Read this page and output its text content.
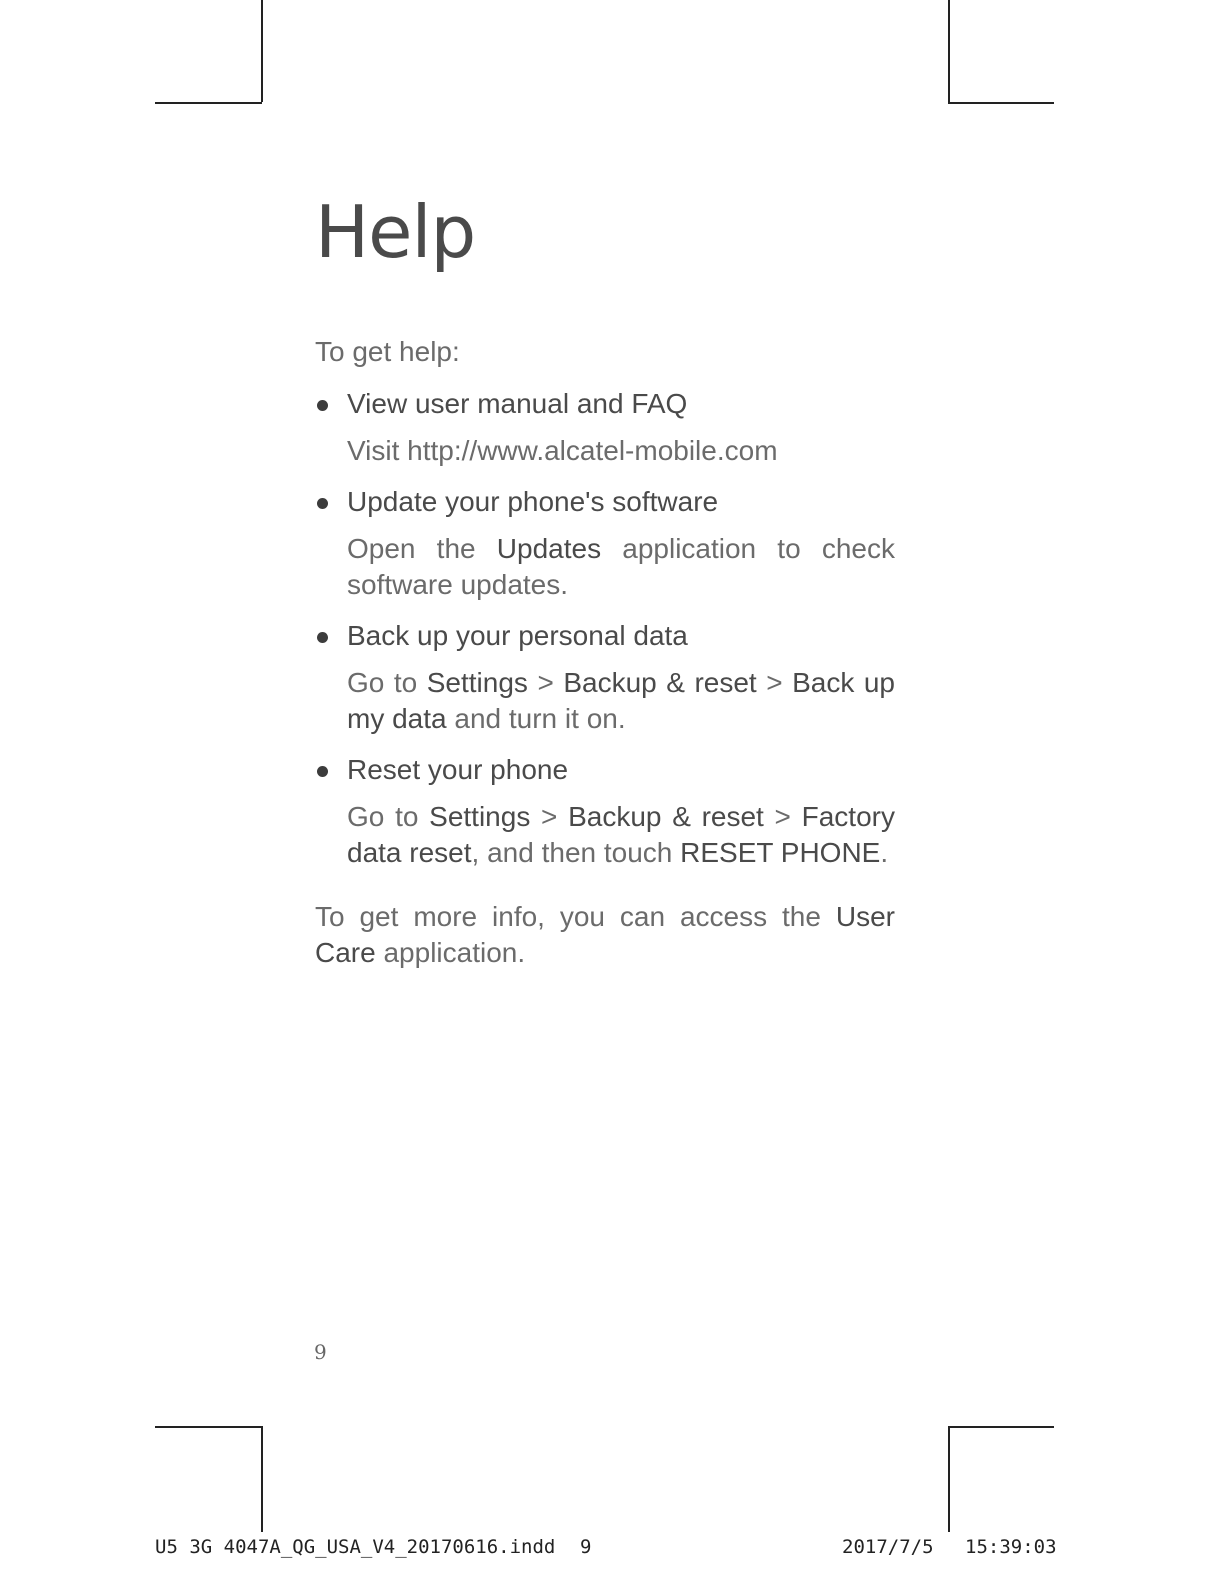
Help

To get help:

View user manual and FAQ
Visit http://www.alcatel-mobile.com
Update your phone's software
Open the Updates application to check software updates.
Back up your personal data
Go to Settings > Backup & reset > Back up my data and turn it on.
Reset your phone
Go to Settings > Backup & reset > Factory data reset, and then touch RESET PHONE.

To get more info, you can access the User Care application.

9
U5 3G 4047A_QG_USA_V4_20170616.indd 9	2017/7/5 15:39:03
